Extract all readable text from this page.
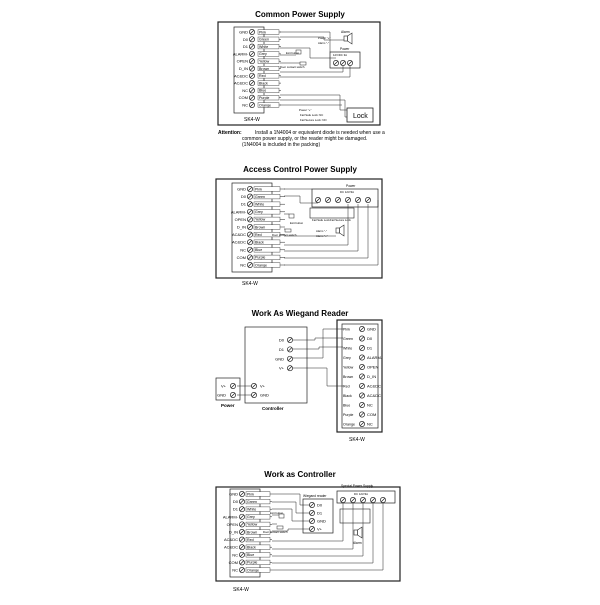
Common Power Supply
GND	Pink
D0	Green
D1	White
ALARM-	Grey
OPEN	Yellow
D_IN	Brown
AC&DC	Red
AC&DC	Black
NC	Blue
COM	Purple
NC	Orange
SK4-W
Alarm
Power "+"
Alarm "-"
Power
12V/DC 3A
Exit button
Door contact switch
Lock
Power "+"
Fail Safe Lock: NC
Fail Secure Lock: NO
Attention:	Install a 1N4004 or equivalent diode is needed when use a
common power supply, or the reader might be damaged.
(1N4004 is included in the packing)
Access Control Power Supply
GND	Pink
D0	Green
D1	White
ALARM-	Grey
OPEN	Yellow
D_IN	Brown
AC&DC	Red
AC&DC	Black
NC	Blue
COM	Purple
NC	Orange
SK4-W
Power
DC 12V/3A
Fail Safe Lock Fail Secure Lock
Exit button
Door contact switch
Alarm "-"
Alarm "+"
Work As Wiegand Reader
D0
D1
GND
V+
V+
GND
Controller
V+
GND
Power
Pink	GND
Green	D0
White	D1
Grey	ALARM-
Yellow	OPEN
Brown	D_IN
Red	AC&DC
Black	AC&DC
Blue	NC
Purple	COM
Orange	NC
SK4-W
Work as Controller
GND	Pink
D0	Green
D1	White
ALARM-	Grey
OPEN	Yellow
D_IN	Brown
AC&DC	Red
AC&DC	Black
NC	Blue
COM	Purple
NC	Orange
SK4-W
Wiegand reader
D0
D1
GND
V+
Special Power Supply
DC 12V/3A
Exit button
Door contact switch
Alarm
